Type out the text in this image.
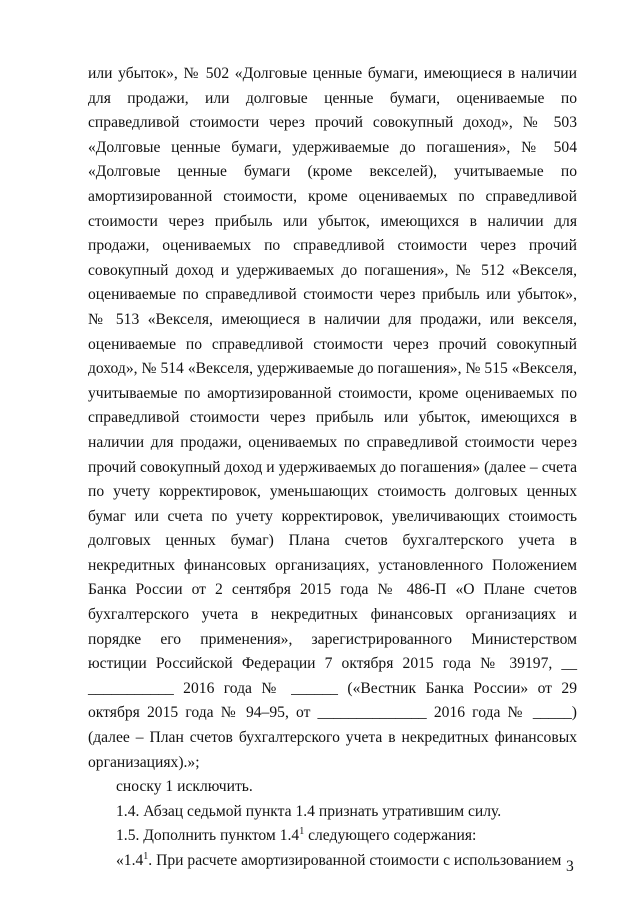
или убыток», № 502 «Долговые ценные бумаги, имеющиеся в наличии для продажи, или долговые ценные бумаги, оцениваемые по справедливой стоимости через прочий совокупный доход», № 503 «Долговые ценные бумаги, удерживаемые до погашения», № 504 «Долговые ценные бумаги (кроме векселей), учитываемые по амортизированной стоимости, кроме оцениваемых по справедливой стоимости через прибыль или убыток, имеющихся в наличии для продажи, оцениваемых по справедливой стоимости через прочий совокупный доход и удерживаемых до погашения», № 512 «Векселя, оцениваемые по справедливой стоимости через прибыль или убыток», № 513 «Векселя, имеющиеся в наличии для продажи, или векселя, оцениваемые по справедливой стоимости через прочий совокупный доход», № 514 «Векселя, удерживаемые до погашения», № 515 «Векселя, учитываемые по амортизированной стоимости, кроме оцениваемых по справедливой стоимости через прибыль или убыток, имеющихся в наличии для продажи, оцениваемых по справедливой стоимости через прочий совокупный доход и удерживаемых до погашения» (далее – счета по учету корректировок, уменьшающих стоимость долговых ценных бумаг или счета по учету корректировок, увеличивающих стоимость долговых ценных бумаг) Плана счетов бухгалтерского учета в некредитных финансовых организациях, установленного Положением Банка России от 2 сентября 2015 года № 486-П «О Плане счетов бухгалтерского учета в некредитных финансовых организациях и порядке его применения», зарегистрированного Министерством юстиции Российской Федерации 7 октября 2015 года № 39197, __ ___________ 2016 года № ______ («Вестник Банка России» от 29 октября 2015 года № 94–95, от ______________ 2016 года № _____) (далее – План счетов бухгалтерского учета в некредитных финансовых организациях).»;

сноску 1 исключить.

1.4. Абзац седьмой пункта 1.4 признать утратившим силу.

1.5. Дополнить пунктом $1.4^1$ следующего содержания:

«$1.4^1$. При расчете амортизированной стоимости с использованием 3
